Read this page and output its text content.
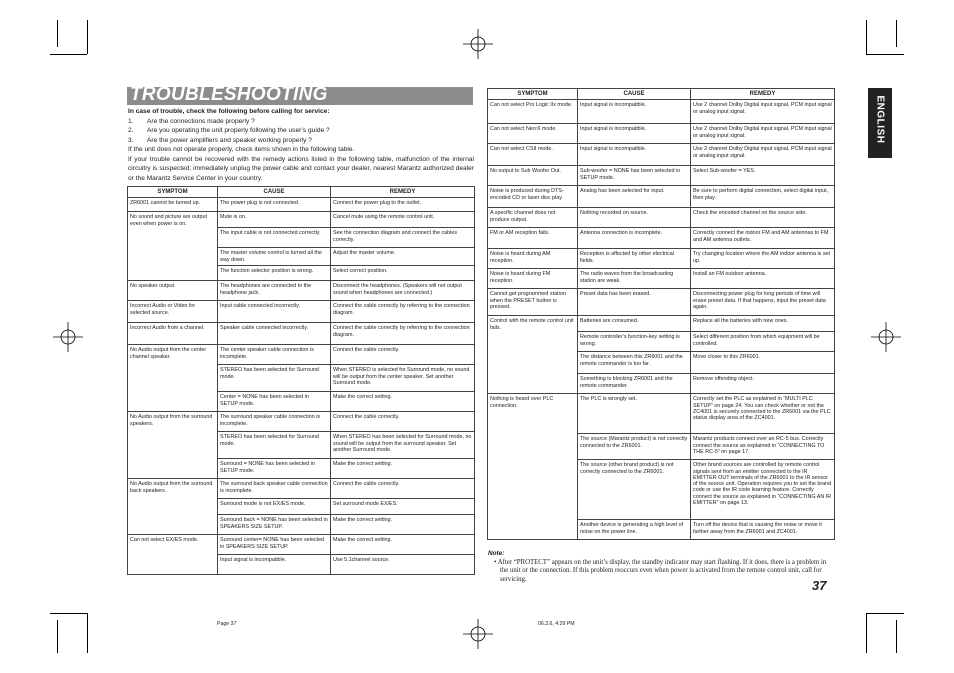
TROUBLESHOOTING
In case of trouble, check the following before calling for service:
1. Are the connections made properly ?
2. Are you operating the unit properly following the user’s guide ?
3. Are the power amplifiers and speaker working properly ?
If the unit does not operate properly, check items shown in the following table.
If your trouble cannot be recovered with the remedy actions listed in the following table, malfunction of the internal circuitry is suspected; immediately unplug the power cable and contact your dealer, nearest Marantz authorized dealer or the Marantz Service Center in your country.
SYMPTOM	CAUSE	REMEDY
ZR6001 cannot be turned up.	The power plug is not connected.	Connect the power plug to the outlet.
No sound and picture are output even when power is on.	Mute is on.	Cancel mute using the remote control unit.
	The input cable is not connected correctly.	See the connection diagram and connect the cables correctly.
	The master volume control is turned all the way down.	Adjust the master volume.
	The function selector position is wrong.	Select correct position.
No speaker output.	The headphones are connected to the headphone jack.	Disconnect the headphones. (Speakers will not output sound when headphones are connected.)
Incorrect Audio or Video for selected source.	Input cable connected incorrectly.	Connect the cable correctly by referring to the connection diagram.
Incorrect Audio from a channel.	Speaker cable connected incorrectly.	Connect the cable correctly by referring to the connection diagram.
No Audio output from the center channel speaker.	The center speaker cable connection is incomplete.	Connect the cable correctly.
	STEREO has been selected for Surround mode.	When STEREO is selected for Surround mode, no sound will be output from the center speaker. Set another Surround mode.
	Center = NONE has been selected in SETUP mode.	Make the correct setting.
No Audio output from the surround speakers.	The surround speaker cable connection is incomplete.	Connect the cable correctly.
	STEREO has been selected for Surround mode.	When STEREO has been selected for Surround mode, no sound will be output from the surround speaker. Set another Surround mode.
	Surround = NONE has been selected in SETUP mode.	Make the correct setting.
No Audio output from the surround back speakers.	The surround back speaker cable connection is incomplete.	Connect the cable correctly.
	Surround mode is not EX/ES mode.	Set surround mode EX/ES.
	Surround back = NONE has been selected in SPEAKERS SIZE SETUP.	Make the correct setting.
Can not select EX/ES mode.	Surround center= NONE has been selected in SPEAKERS SIZE SETUP.	Make the correct setting.
	Input signal is incompatible.	Use 5.1channel source.
SYMPTOM	CAUSE	REMEDY
Can not select Pro Logic IIx mode.	Input signal is incompatible.	Use 2 channel Dolby Digital input signal, PCM input signal or analog input signal.
Can not select Neo:6 mode.	Input signal is incompatible.	Use 2 channel Dolby Digital input signal, PCM input signal or analog input signal.
Can not select CSII mode.	Input signal is incompatible.	Use 2 channel Dolby Digital input signal, PCM input signal or analog input signal.
No output to Sub Woofer Out.	Sub-woofer = NONE has been selected in SETUP mode.	Select Sub-woofer = YES.
Noise is produced during DTS-encoded CD or laser disc play.	Analog has been selected for input.	Be sure to perform digital connection, select digital input, then play.
A specific channel does not produce output.	Nothing recorded on source.	Check the encoded channel on the source side.
FM or AM reception fails.	Antenna connection is incomplete.	Correctly connect the indoor FM and AM antennas to FM and AM antenna outlets.
Noise is heard during AM reception.	Reception is affected by other electrical fields.	Try changing location where the AM indoor antenna is set up.
Noise is heard during FM reception.	The radio waves from the broadcasting station are weak.	Install an FM outdoor antenna.
Cannot get programmed station when the PRESET button is pressed.	Preset data has been erased.	Disconnecting power plug for long periods of time will erase preset data. If that happens, input the preset data again.
Control with the remote control unit fails.	Batteries are consumed.	Replace all the batteries with new ones.
	Remote controller’s function-key setting is wrong.	Select different position from which equipment will be controlled.
	The distance between this ZR6001 and the remote commander is too far.	Move closer to this ZR6001.
	Something is blocking ZR6001 and the remote commander.	Remove offending object.
Nothing is heard over PLC connection.	The PLC is wrongly set.	Correctly set the PLC as explained in “MULTI PLC SETUP” on page 24. You can check whether or not the ZC4001 is securely connected to the ZR6001 via the PLC status display area of the ZC4001.
	The source (Marantz product) is not correctly connected to the ZR6001.	Marantz products connect over an RC-5 bus. Correctly connect the source as explained in “CONNECTING TO THE RC-5” on page 17.
	The source (other brand product) is not correctly connected to the ZR6001.	Other brand sources are controlled by remote control signals sent from an emitter connected to the IR EMITTER OUT terminals of the ZR6001 to the IR sensor of the source unit. Operation requires you to set the brand code or use the IR code learning feature. Correctly connect the source as explained in “CONNECTING AN IR EMITTER” on page 13.
	Another device is generating a high level of noise on the power line.	Turn off the device that is causing the noise or move it farther away from the ZR6001 and ZC4001.
ENGLISH
Note:
• After “PROTECT” appears on the unit’s display, the standby indicator may start flashing. If it does, there is a problem in the unit or the connection. If this problem reoccurs even when power is activated from the remote control unit, call for servicing.	37
Page 37	06.3.6, 4:29 PM
